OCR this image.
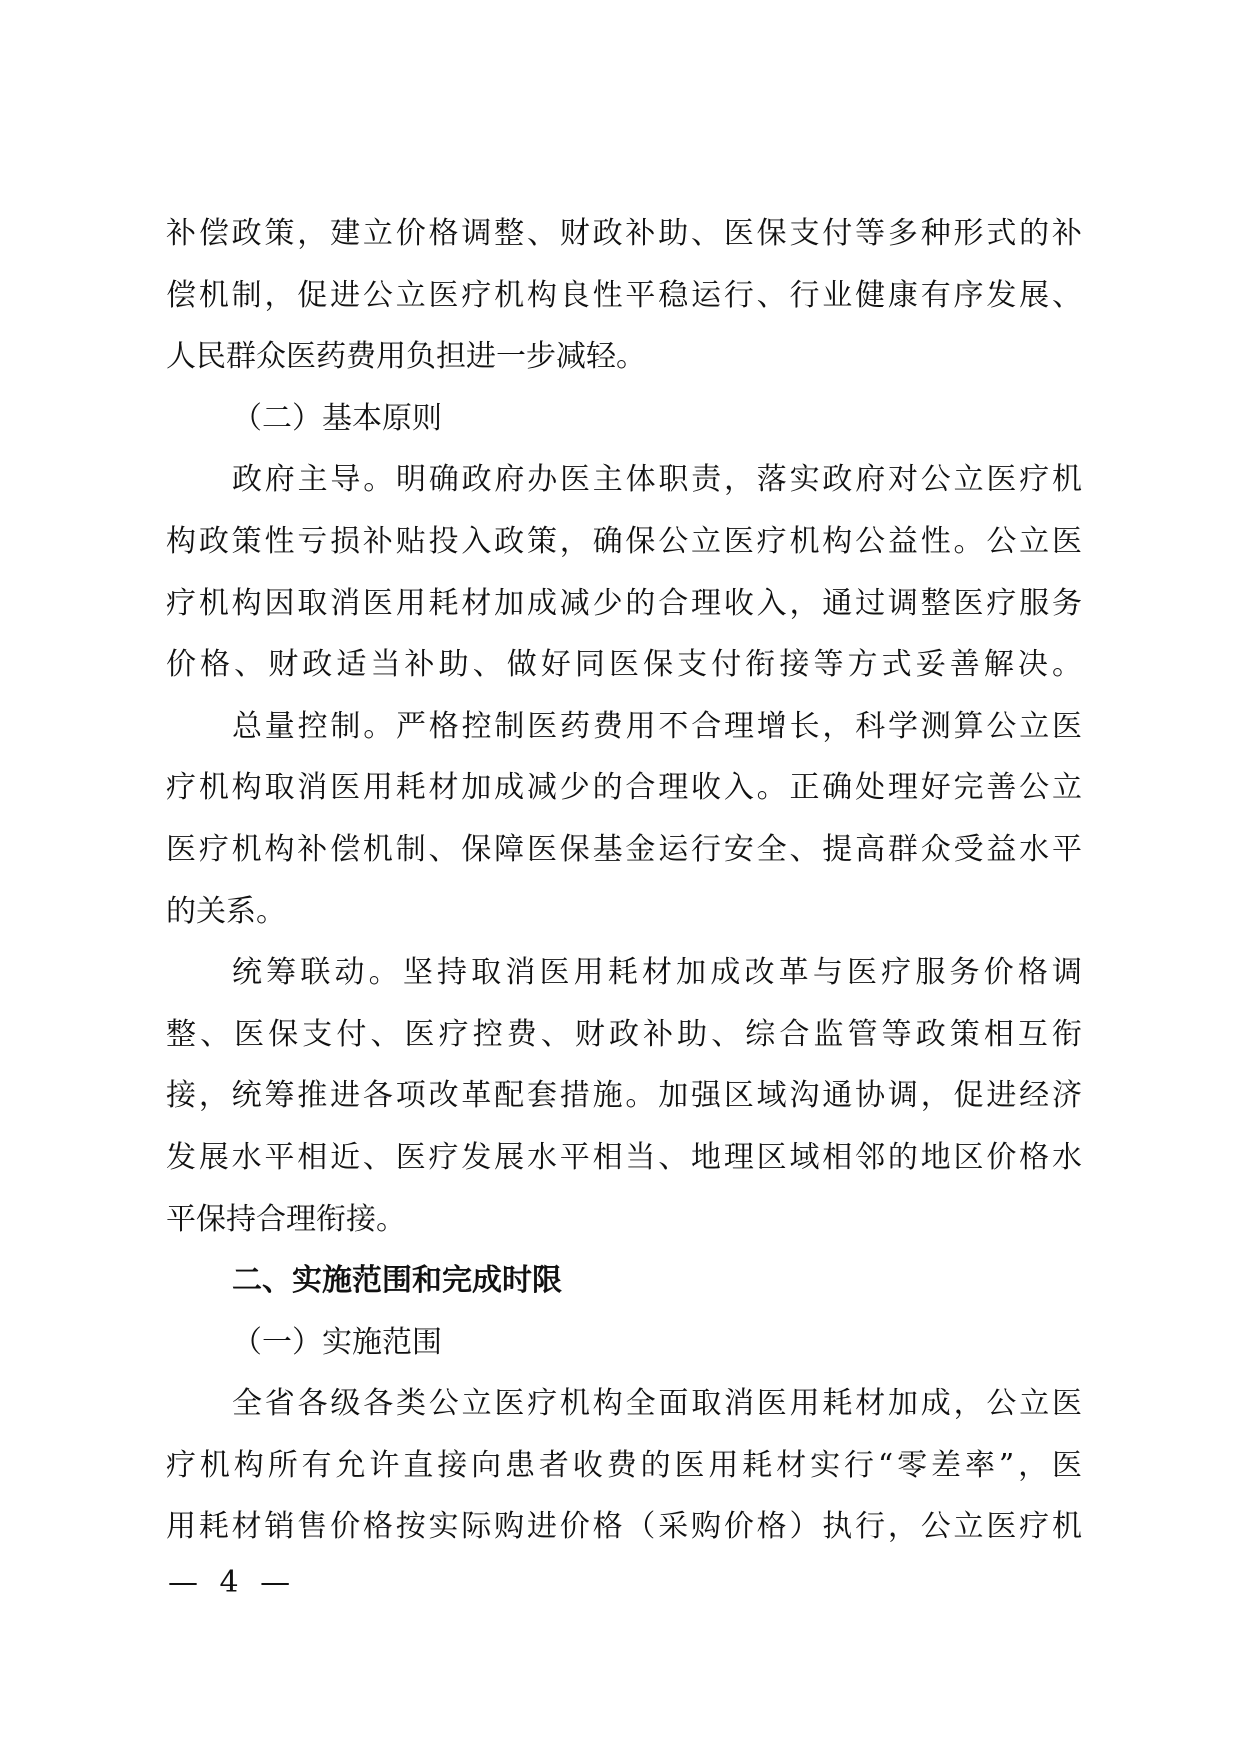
补偿政策，建立价格调整、财政补助、医保支付等多种形式的补
偿机制，促进公立医疗机构良性平稳运行、行业健康有序发展、
人民群众医药费用负担进一步减轻。
（二）基本原则
政府主导。明确政府办医主体职责，落实政府对公立医疗机
构政策性亏损补贴投入政策，确保公立医疗机构公益性。公立医
疗机构因取消医用耗材加成减少的合理收入，通过调整医疗服务
价格、财政适当补助、做好同医保支付衔接等方式妥善解决。
总量控制。严格控制医药费用不合理增长，科学测算公立医
疗机构取消医用耗材加成减少的合理收入。正确处理好完善公立
医疗机构补偿机制、保障医保基金运行安全、提高群众受益水平
的关系。
统筹联动。坚持取消医用耗材加成改革与医疗服务价格调
整、医保支付、医疗控费、财政补助、综合监管等政策相互衔
接，统筹推进各项改革配套措施。加强区域沟通协调，促进经济
发展水平相近、医疗发展水平相当、地理区域相邻的地区价格水
平保持合理衔接。
二、实施范围和完成时限
（一）实施范围
全省各级各类公立医疗机构全面取消医用耗材加成，公立医
疗机构所有允许直接向患者收费的医用耗材实行“零差率”，医
用耗材销售价格按实际购进价格（采购价格）执行，公立医疗机
— 4 —
